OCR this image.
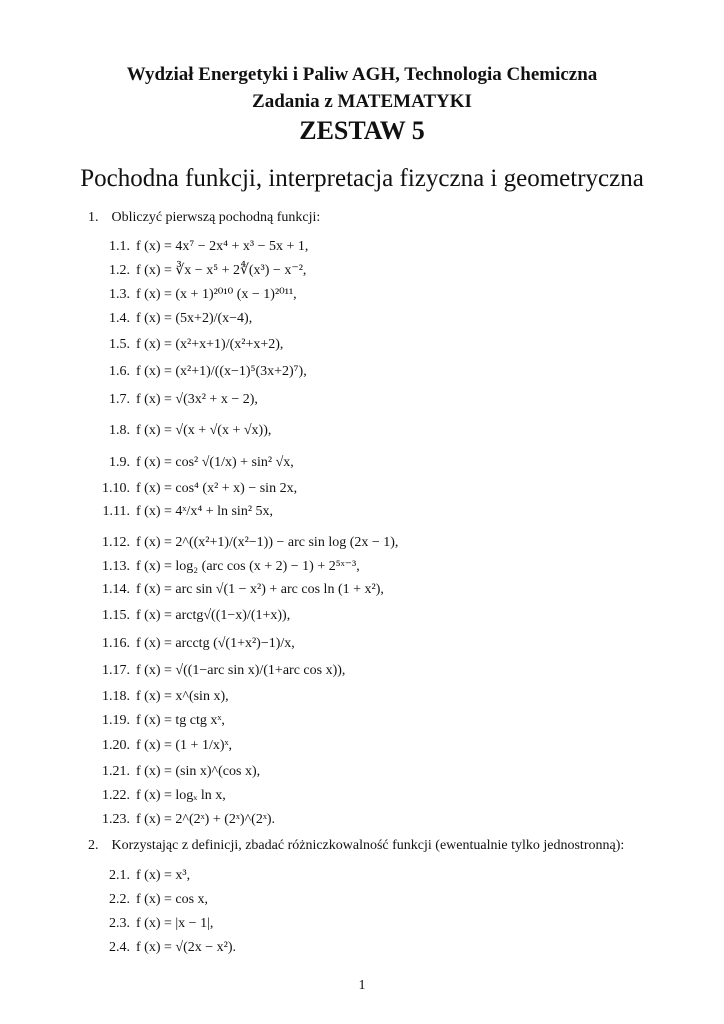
Wydział Energetyki i Paliw AGH, Technologia Chemiczna
Zadania z MATEMATYKI
ZESTAW 5
Pochodna funkcji, interpretacja fizyczna i geometryczna
1. Obliczyć pierwszą pochodną funkcji:
1.1. f (x) = 4x⁷ − 2x⁴ + x³ − 5x + 1,
1.2. f (x) = ∛x − x⁵ + 2∜(x³) − x⁻²,
1.3. f (x) = (x + 1)²⁰¹⁰ (x − 1)²⁰¹¹,
1.4. f (x) = (5x+2)/(x−4),
1.5. f (x) = (x²+x+1)/(x²+x+2),
1.6. f (x) = (x²+1)/((x−1)⁵(3x+2)⁷),
1.7. f (x) = √(3x² + x − 2),
1.8. f (x) = √(x + √(x + √x)),
1.9. f (x) = cos² √(1/x) + sin² √x,
1.10. f (x) = cos⁴ (x² + x) − sin 2x,
1.11. f (x) = 4ˣ/x⁴ + ln sin² 5x,
1.12. f (x) = 2^((x²+1)/(x²−1)) − arc sin log (2x − 1),
1.13. f (x) = log₂ (arc cos (x + 2) − 1) + 2⁵ˣ⁻³,
1.14. f (x) = arc sin √(1 − x²) + arc cos ln (1 + x²),
1.15. f (x) = arctg√((1−x)/(1+x)),
1.16. f (x) = arcctg (√(1+x²)−1)/x,
1.17. f (x) = √((1−arc sin x)/(1+arc cos x)),
1.18. f (x) = x^(sin x),
1.19. f (x) = tg ctg xˣ,
1.20. f (x) = (1 + 1/x)ˣ,
1.21. f (x) = (sin x)^(cos x),
1.22. f (x) = logₓ ln x,
1.23. f (x) = 2^(2ˣ) + (2ˣ)^(2ˣ).
2. Korzystając z definicji, zbadać różniczkowalność funkcji (ewentualnie tylko jednostronną):
2.1. f (x) = x³,
2.2. f (x) = cos x,
2.3. f (x) = |x − 1|,
2.4. f (x) = √(2x − x²).
1
